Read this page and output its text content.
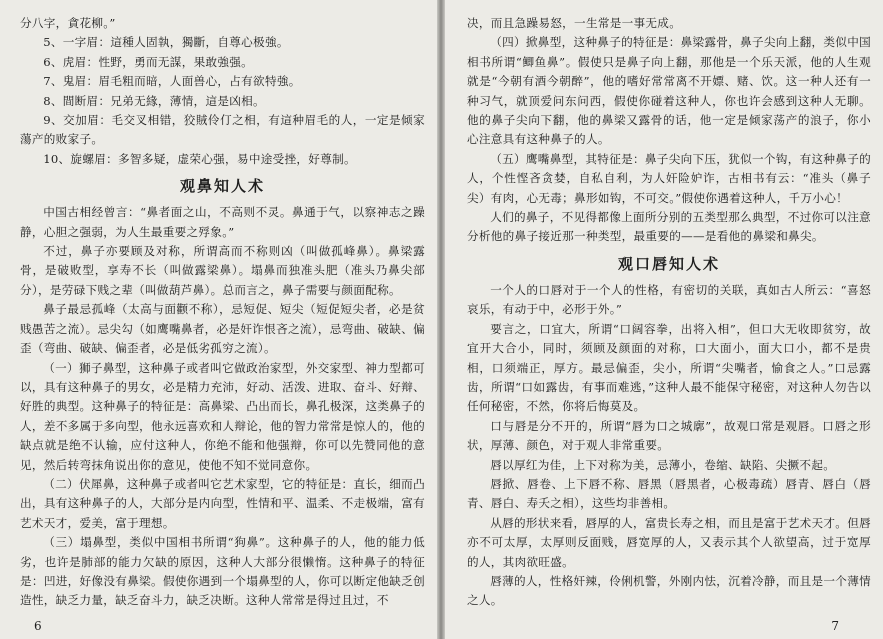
分八字，貪花柳。”

5、一字眉：這種人固執，獨斷，自尊心极強。

6、虎眉：性野，勇而无謀，果敢強强。

7、鬼眉：眉毛粗而暗，人面兽心，占有欲特強。

8、間断眉：兄弟无緣，薄情，這是凶相。

9、交加眉：毛交叉相错，狡賊伶仃之相，有這种眉毛的人，一定是倾家蕩产的败家子。

10、旋螺眉：多智多疑，虚荣心强，易中途受挫，好尊制。

观鼻知人术

中国古相经曾言：“鼻者面之山，不高则不灵。鼻通于气，以察神志之躁静，心胆之强弱，为人生最重要之殍象。”

不过，鼻子亦要顾及对称，所谓高而不称则凶（叫做孤峰鼻）。鼻梁露骨，是破败型，享寿不长（叫做露梁鼻）。塌鼻而独准头肥（准头乃鼻尖部分），是劳碌下贱之辈（叫做葫芦鼻）。总而言之，鼻子需要与颜面配称。

鼻子最忌孤峰（太高与面颧不称），忌短促、短尖（短促短尖者，必是贫贱愚苦之流）。忌尖勾（如鹰嘴鼻者，必是奸诈恨吝之流），忌弯曲、破缺、偏歪（弯曲、破缺、偏歪者，必是低劣孤穷之流）。

（一）狮子鼻型，这种鼻子或者叫它做政治家型，外交家型、神力型都可以，具有这种鼻子的男女，必是精力充沛，好动、活泼、进取、奋斗、好辩、好胜的典型。这种鼻子的特征是：高鼻梁、凸出而长，鼻孔极深，这类鼻子的人，差不多属于多向型，他永远喜欢和人辩论，他的智力常常是惊人的，他的缺点就是绝不认输，应付这种人，你绝不能和他强辩，你可以先赞同他的意见，然后转弯抹角说出你的意见，使他不知不觉同意你。

（二）伏犀鼻，这种鼻子或者叫它艺术家型，它的特征是：直长，细而凸出，具有这种鼻子的人，大部分是内向型，性情和平、温柔、不走极端，富有艺术天才，爱美，富于理想。

（三）塌鼻型，类似中国相书所谓“狗鼻”。这种鼻子的人，他的能力低劣，也许是肺部的能力欠缺的原因，这种人大部分很懒惰。这种鼻子的特征是：凹进，好像没有鼻梁。假使你遇到一个塌鼻型的人，你可以断定他缺乏创造性，缺乏力量，缺乏奋斗力，缺乏决断。这种人常常是得过且过，不

6

决，而且急躁易怒，一生常是一事无成。

（四）掀鼻型，这种鼻子的特征是：鼻梁露骨，鼻子尖向上翻，类似中国相书所谓“鲫鱼鼻”。假使只是鼻子向上翻，那他是一个乐天派，他的人生观就是“今朝有酒今朝醉”，他的嗜好常常离不开嫖、赌、饮。这一种人还有一种习气，就顶爱问东问西，假使你碰着这种人，你也许会感到这种人无聊。他的鼻子尖向下翻，他的鼻梁又露骨的话，他一定是倾家荡产的浪子，你小心注意具有这种鼻子的人。

（五）鹰嘴鼻型，其特征是：鼻子尖向下压，犹似一个钩，有这种鼻子的人，个性悭吝贪婪，自私自利，为人奸险妒诈，古相书有云：“准头（鼻子尖）有肉，心无毒；鼻形如钩，不可交。”假使你遇着这种人，千万小心！

人们的鼻子，不见得都像上面所分别的五类型那么典型，不过你可以注意分析他的鼻子接近那一种类型，最重要的——是看他的鼻梁和鼻尖。

观口唇知人术

一个人的口唇对于一个人的性格，有密切的关联，真如古人所云：“喜怒哀乐，有动于中，必形于外。”

要言之，口宜大，所谓“口阔容拳，出将入相”，但口大无收即贫穷，故宜开大合小，同时，须顾及颜面的对称，口大面小，面大口小，都不是贵相，口须端正，厚方。最忌偏歪，尖小，所谓“尖嘴者，愉食之人。”口忌露齿，所谓“口如露齿，有事而难逃，”这种人最不能保守秘密，对这种人勿告以任何秘密，不然，你将后悔莫及。

口与唇是分不开的，所谓“唇为口之城廓”，故观口常是观唇。口唇之形状，厚薄、颜色，对于观人非常重要。

唇以厚红为佳，上下对称为美，忌薄小，卷缩、缺陷、尖撅不起。

唇掀、唇卷、上下唇不称、唇黑（唇黑者，心极毒疏）唇青、唇白（唇青、唇白、寿夭之相），这些均非善相。

从唇的形状来看，唇厚的人，富贵长寿之相，而且是富于艺术天才。但唇亦不可太厚，太厚则反面贱，唇宽厚的人，又表示其个人欲望高，过于宽厚的人，其肉欲旺盛。

唇薄的人，性格奸辣，伶俐机警，外刚内怯，沉着冷静，而且是一个薄情之人。

7
